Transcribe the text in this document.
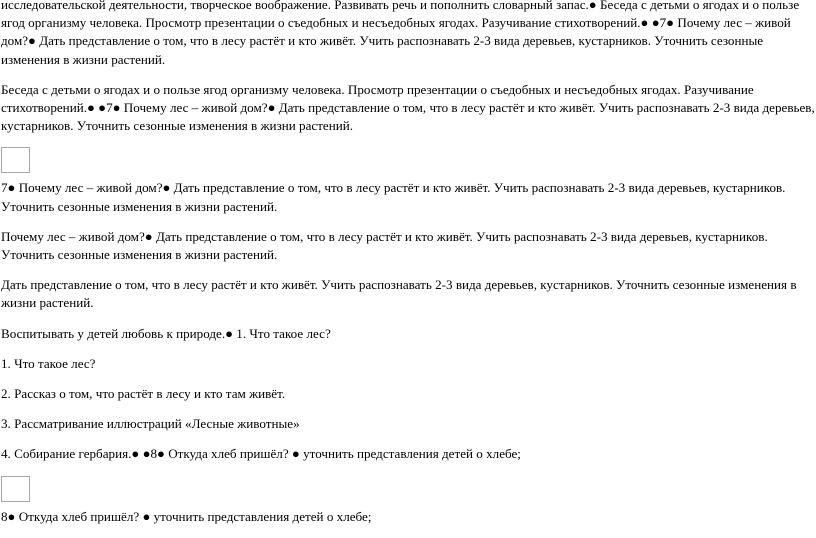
исследовательской деятельности, творческое воображение. Развивать речь и пополнить словарный запас.● Беседа с детьми о ягодах и о пользе ягод организму человека. Просмотр презентации о съедобных и несъедобных ягодах. Разучивание стихотворений.● ●7● Почему лес – живой дом?● Дать представление о том, что в лесу растёт и кто живёт. Учить распознавать 2-3 вида деревьев, кустарников. Уточнить сезонные изменения в жизни растений.

Беседа с детьми о ягодах и о пользе ягод организму человека. Просмотр презентации о съедобных и несъедобных ягодах. Разучивание стихотворений.● ●7● Почему лес – живой дом?● Дать представление о том, что в лесу растёт и кто живёт. Учить распознавать 2-3 вида деревьев, кустарников. Уточнить сезонные изменения в жизни растений.

7● Почему лес – живой дом?● Дать представление о том, что в лесу растёт и кто живёт. Учить распознавать 2-3 вида деревьев, кустарников. Уточнить сезонные изменения в жизни растений.

Почему лес – живой дом?● Дать представление о том, что в лесу растёт и кто живёт. Учить распознавать 2-3 вида деревьев, кустарников. Уточнить сезонные изменения в жизни растений.

Дать представление о том, что в лесу растёт и кто живёт. Учить распознавать 2-3 вида деревьев, кустарников. Уточнить сезонные изменения в жизни растений.

Воспитывать у детей любовь к природе.● 1. Что такое лес?

1. Что такое лес?

2. Рассказ о том, что растёт в лесу и кто там живёт.

3. Рассматривание иллюстраций «Лесные животные»

4. Собирание гербария.● ●8● Откуда хлеб пришёл? ● уточнить представления детей о хлебе;

8● Откуда хлеб пришёл? ● уточнить представления детей о хлебе;
